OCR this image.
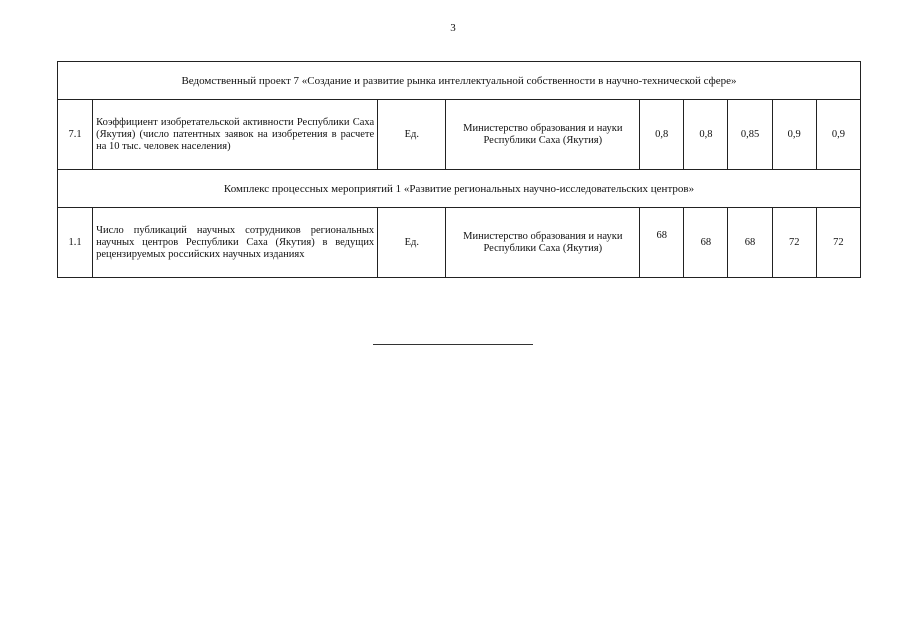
3
Ведомственный проект 7 «Создание и развитие рынка интеллектуальной собственности в научно-технической сфере»								
7.1	Коэффициент изобретательской активности Республики Саха (Якутия) (число патентных заявок на изобретения в расчете на 10 тыс. человек населения)	Ед.	Министерство образования и науки Республики Саха (Якутия)	0,8	0,8	0,85	0,9	0,9
Комплекс процессных мероприятий 1 «Развитие региональных научно-исследовательских центров»								
1.1	Число публикаций научных сотрудников региональных научных центров Республики Саха (Якутия) в ведущих рецензируемых российских научных изданиях	Ед.	Министерство образования и науки Республики Саха (Якутия)	68	68	68	72	72
